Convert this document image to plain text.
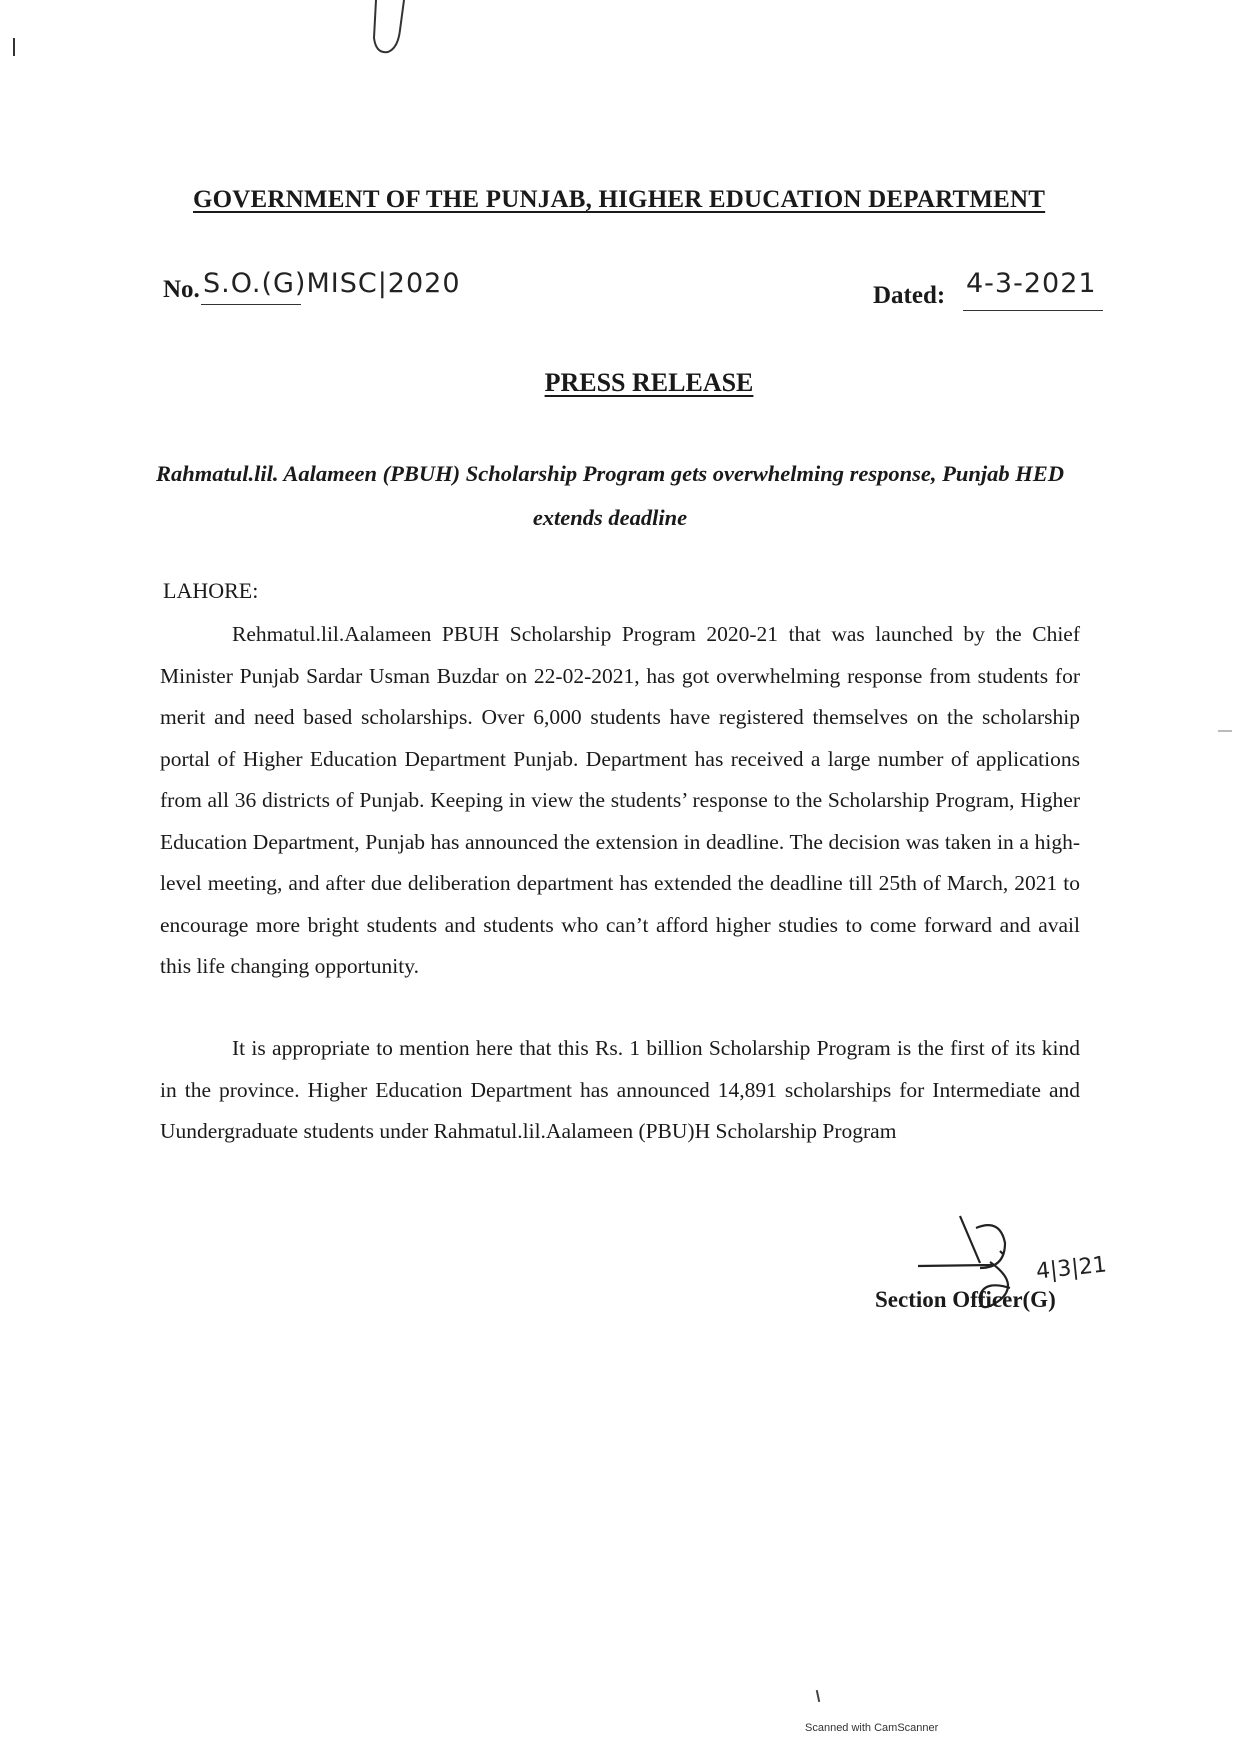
GOVERNMENT OF THE PUNJAB, HIGHER EDUCATION DEPARTMENT
No. S.O.(G)MISC|2020	Dated: 4-3-2021
PRESS RELEASE
Rahmatul.lil. Aalameen (PBUH) Scholarship Program gets overwhelming response, Punjab HED extends deadline
LAHORE:

Rehmatul.lil.Aalameen PBUH Scholarship Program 2020-21 that was launched by the Chief Minister Punjab Sardar Usman Buzdar on 22-02-2021, has got overwhelming response from students for merit and need based scholarships. Over 6,000 students have registered themselves on the scholarship portal of Higher Education Department Punjab. Department has received a large number of applications from all 36 districts of Punjab. Keeping in view the students’ response to the Scholarship Program, Higher Education Department, Punjab has announced the extension in deadline. The decision was taken in a high-level meeting, and after due deliberation department has extended the deadline till 25th of March, 2021 to encourage more bright students and students who can’t afford higher studies to come forward and avail this life changing opportunity.

It is appropriate to mention here that this Rs. 1 billion Scholarship Program is the first of its kind in the province. Higher Education Department has announced 14,891 scholarships for Intermediate and Uundergraduate students under Rahmatul.lil.Aalameen (PBU)H Scholarship Program

Section Officer(G)
4|3|21
Scanned with CamScanner
